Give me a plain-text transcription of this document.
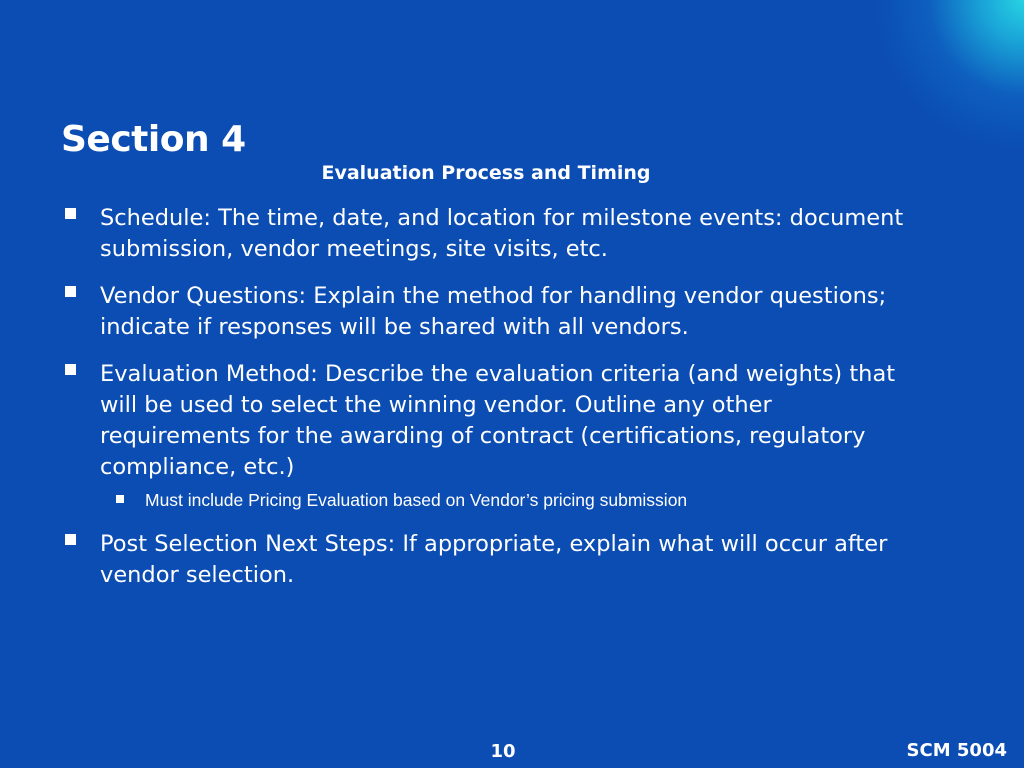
Section 4
Evaluation Process and Timing
Schedule: The time, date, and location for milestone events: document submission, vendor meetings, site visits, etc.
Vendor Questions: Explain the method for handling vendor questions; indicate if responses will be shared with all vendors.
Evaluation Method: Describe the evaluation criteria (and weights) that will be used to select the winning vendor. Outline any other requirements for the awarding of contract (certifications, regulatory compliance, etc.)
Must include Pricing Evaluation based on Vendor’s pricing submission
Post Selection Next Steps: If appropriate, explain what will occur after vendor selection.
10	SCM 5004
